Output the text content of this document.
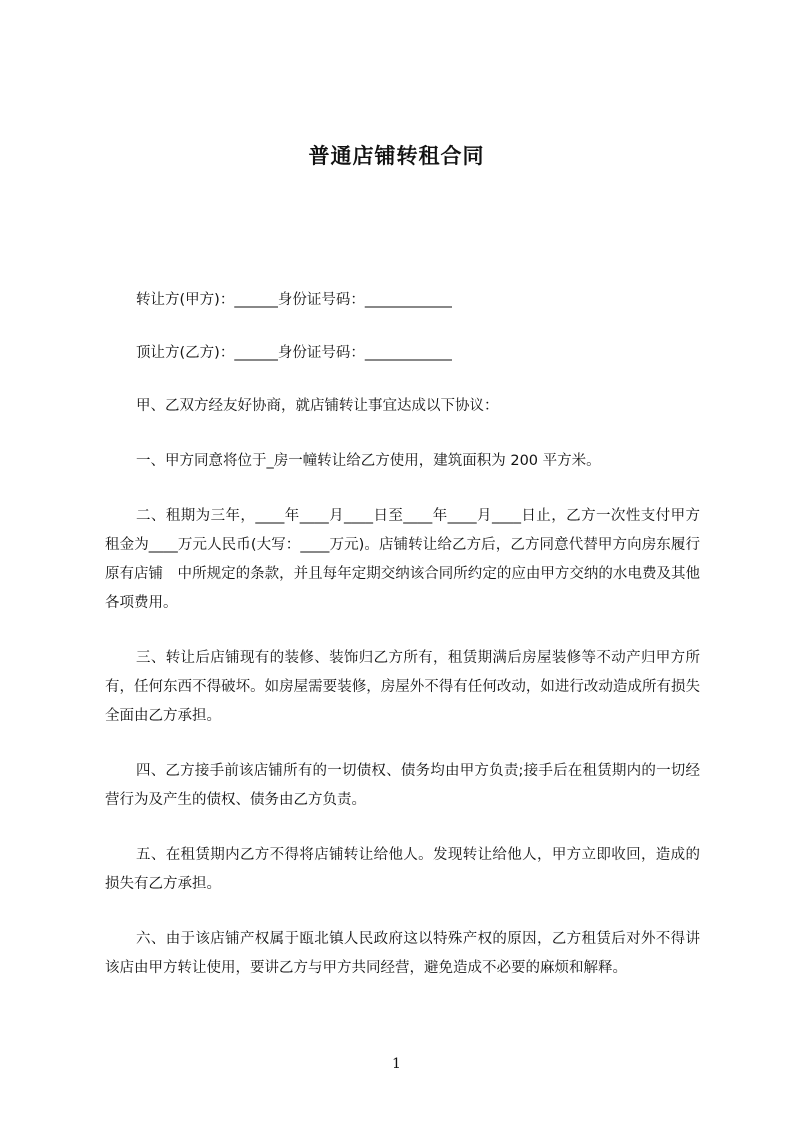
普通店铺转租合同

转让方(甲方)：______身份证号码：____________

顶让方(乙方)：______身份证号码：____________

甲、乙双方经友好协商，就店铺转让事宜达成以下协议：

一、甲方同意将位于_房一幢转让给乙方使用，建筑面积为 200 平方米。

二、租期为三年，____年____月____日至____年____月____日止，乙方一次性支付甲方租金为____万元人民币(大写：____万元)。店铺转让给乙方后，乙方同意代替甲方向房东履行原有店铺　中所规定的条款，并且每年定期交纳该合同所约定的应由甲方交纳的水电费及其他各项费用。

三、转让后店铺现有的装修、装饰归乙方所有，租赁期满后房屋装修等不动产归甲方所有，任何东西不得破坏。如房屋需要装修，房屋外不得有任何改动，如进行改动造成所有损失全面由乙方承担。

四、乙方接手前该店铺所有的一切债权、债务均由甲方负责;接手后在租赁期内的一切经营行为及产生的债权、债务由乙方负责。

五、在租赁期内乙方不得将店铺转让给他人。发现转让给他人，甲方立即收回，造成的损失有乙方承担。

六、由于该店铺产权属于瓯北镇人民政府这以特殊产权的原因，乙方租赁后对外不得讲该店由甲方转让使用，要讲乙方与甲方共同经营，避免造成不必要的麻烦和解释。

1
